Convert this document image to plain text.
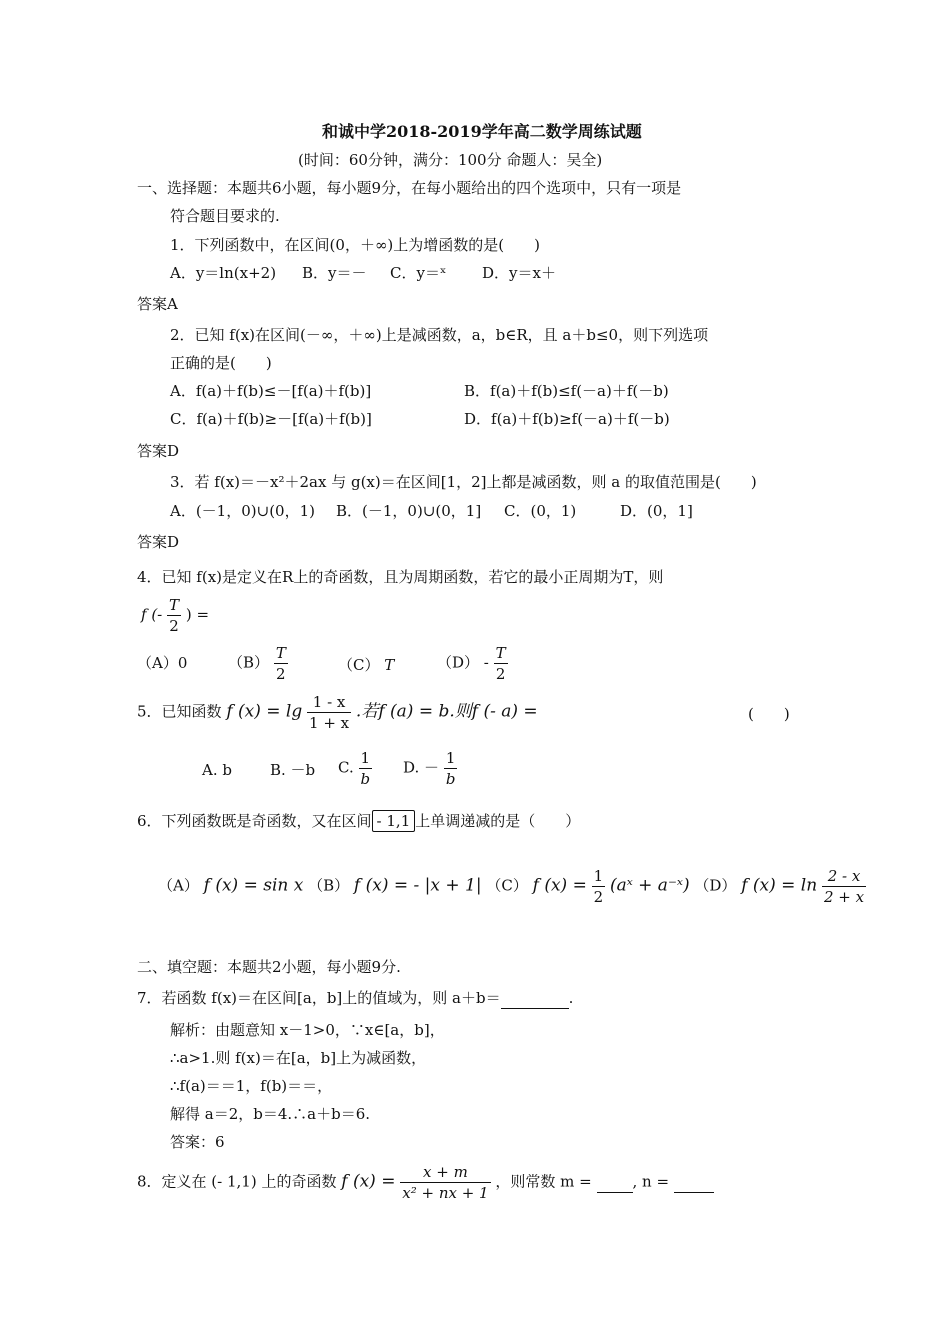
和诚中学2018-2019学年高二数学周练试题
(时间：60分钟，满分：100分 命题人：吴全)
一、选择题：本题共6小题，每小题9分，在每小题给出的四个选项中，只有一项是
符合题目要求的.
1．下列函数中，在区间(0，＋∞)上为增函数的是(　　)
A．y＝ln(x+2) B．y＝－ C．y＝ˣ D．y＝x＋
答案A
2．已知 f(x)在区间(－∞，＋∞)上是减函数，a，b∈R，且 a＋b≤0，则下列选项
正确的是(　　)
A．f(a)＋f(b)≤－[f(a)＋f(b)]	B．f(a)＋f(b)≤f(－a)＋f(－b)
C．f(a)＋f(b)≥－[f(a)＋f(b)]	D．f(a)＋f(b)≥f(－a)＋f(－b)
答案D
3．若 f(x)＝－x²＋2ax 与 g(x)＝在区间[1，2]上都是减函数，则 a 的取值范围是(　　)
A．(－1，0)∪(0，1) B．(－1，0)∪(0，1] C．(0，1)	D．(0，1]
答案D
4．已知 f(x)是定义在R上的奇函数，且为周期函数，若它的最小正周期为T，则
f (- $\frac{T}{2}$ ) =
（A）0	$(B) \frac{T}{2}$	（C） T	$(D) - \frac{T}{2}$
5．已知函数 f $(x) = \lg \frac{1 - x}{1 + x}$ .若f (a) = b.则f (- a) =	(　　)
A. b	B. －b C. $\frac{1}{b} D$. － $\frac{1}{b}$
6．下列函数既是奇函数，又在区间 - 1,1 上单调递减的是（　　）
（A） f (x) = sin x （B） f (x) = - |x + 1| （C） f $(x) = \frac{1}{2}$ (aˣ + a⁻ˣ) （D） f $(x) = \ln \frac{2 - x}{2 + x}$
二、填空题：本题共2小题，每小题9分.
7．若函数 f(x)＝在区间[a，b]上的值域为，则 a＋b＝	.
解析：由题意知 x－1>0，∵x∈[a，b]，
∴a>1.则 f(x)＝在[a，b]上为减函数，
∴f(a)＝＝1，f(b)＝＝，
解得 a＝2，b＝4.∴a＋b＝6.
答案：6
8．定义在 (- 1,1) 上的奇函数 f $(x) = \frac{x + m}{\text{x² + nx + 1}}$ ，则常数 m =	, n =
